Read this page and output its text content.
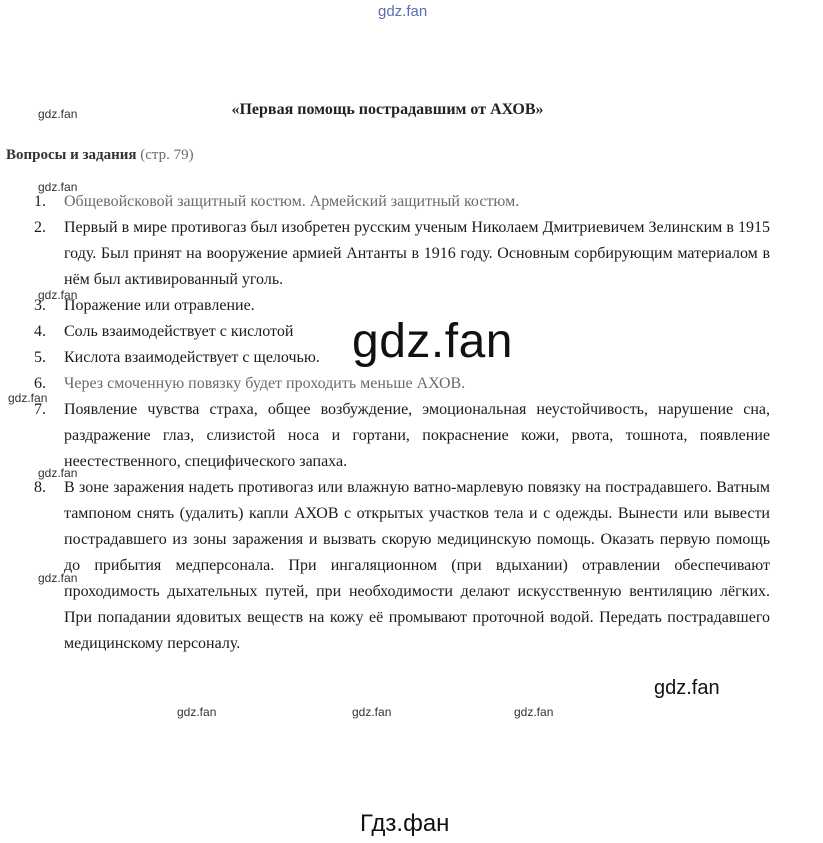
gdz.fan
gdz.fan
gdz.fan
gdz.fan
gdz.fan
gdz.fan
gdz.fan
gdz.fan	gdz.fan	gdz.fan
«Первая помощь пострадавшим от АХОВ»
Вопросы и задания (стр. 79)
1.	Общевойсковой защитный костюм. Армейский защитный костюм.
2.	Первый в мире противогаз был изобретен русским ученым Николаем Дмитриевичем Зелинским в 1915 году. Был принят на вооружение армией Антанты в 1916 году. Основным сорбирующим материалом в нём был активированный уголь.
3.	Поражение или отравление.
4.	Соль взаимодействует с кислотой
5.	Кислота взаимодействует с щелочью.
6.	Через смоченную повязку будет проходить меньше АХОВ.
7.	Появление чувства страха, общее возбуждение, эмоциональная неустойчивость, нарушение сна, раздражение глаз, слизистой носа и гортани, покраснение кожи, рвота, тошнота, появление неестественного, специфического запаха.
8.	В зоне заражения надеть противогаз или влажную ватно-марлевую повязку на пострадавшего. Ватным тампоном снять (удалить) капли АХОВ с открытых участков тела и с одежды. Вынести или вывести пострадавшего из зоны заражения и вызвать скорую медицинскую помощь. Оказать первую помощь до прибытия медперсонала. При ингаляционном (при вдыхании) отравлении обеспечивают проходимость дыхательных путей, при необходимости делают искусственную вентиляцию лёгких. При попадании ядовитых веществ на кожу её промывают проточной водой. Передать пострадавшего медицинскому персоналу.
gdz.fan
gdz.fan
Гдз.фан
